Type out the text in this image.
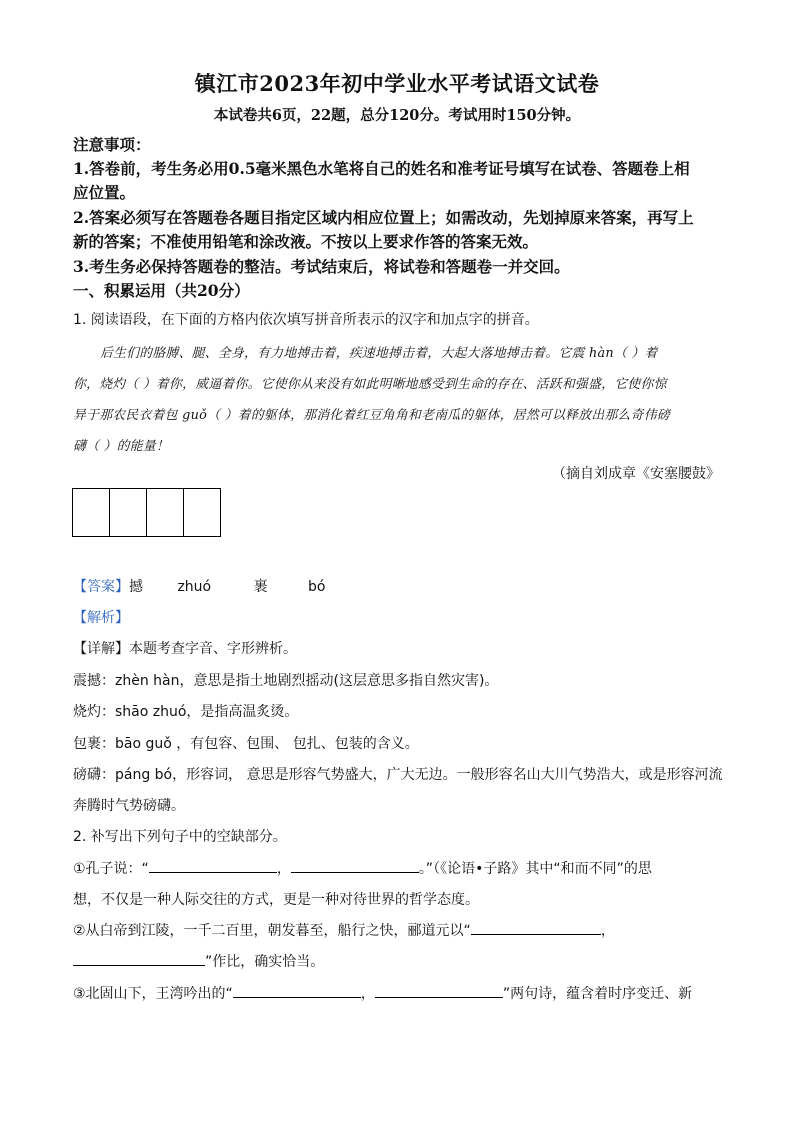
镇江市2023年初中学业水平考试语文试卷
本试卷共6页，22题，总分120分。考试用时150分钟。
注意事项：
1.答卷前，考生务必用0.5毫米黑色水笔将自己的姓名和准考证号填写在试卷、答题卷上相
应位置。
2.答案必须写在答题卷各题目指定区域内相应位置上；如需改动，先划掉原来答案，再写上
新的答案；不准使用铅笔和涂改液。不按以上要求作答的答案无效。
3.考生务必保持答题卷的整洁。考试结束后，将试卷和答题卷一并交回。
一、积累运用（共20分）
1. 阅读语段，在下面的方格内依次填写拼音所表示的汉字和加点字的拼音。
后生们的胳膊、腿、全身，有力地搏击着，疾速地搏击着，大起大落地搏击着。它震 hàn（ ）着
你，烧灼（ ）着你，威逼着你。它使你从来没有如此明晰地感受到生命的存在、活跃和强盛，它使你惊
异于那农民衣着包 guǒ（ ）着的躯体，那消化着红豆角角和老南瓜的躯体，居然可以释放出那么奇伟磅
礴（ ）的能量！
（摘自刘成章《安塞腰鼓》
【答案】撼 zhuó	裹	bó
【解析】
【详解】本题考查字音、字形辨析。
震撼：zhèn hàn，意思是指土地剧烈摇动(这层意思多指自然灾害)。
烧灼：shāo zhuó，是指高温炙烫。
包裹：bāo guǒ ，有包容、包围、 包扎、包装的含义。
磅礴：páng bó，形容词， 意思是形容气势盛大，广大无边。一般形容名山大川气势浩大，或是形容河流
奔腾时气势磅礴。
2. 补写出下列句子中的空缺部分。
①孔子说：“	，	。”（《论语•子路》其中“和而不同”的思
想，不仅是一种人际交往的方式，更是一种对待世界的哲学态度。
②从白帝到江陵，一千二百里，朝发暮至，船行之快，郦道元以“	，
”作比，确实恰当。
③北固山下，王湾吟出的“	，	”两句诗，蕴含着时序变迁、新
